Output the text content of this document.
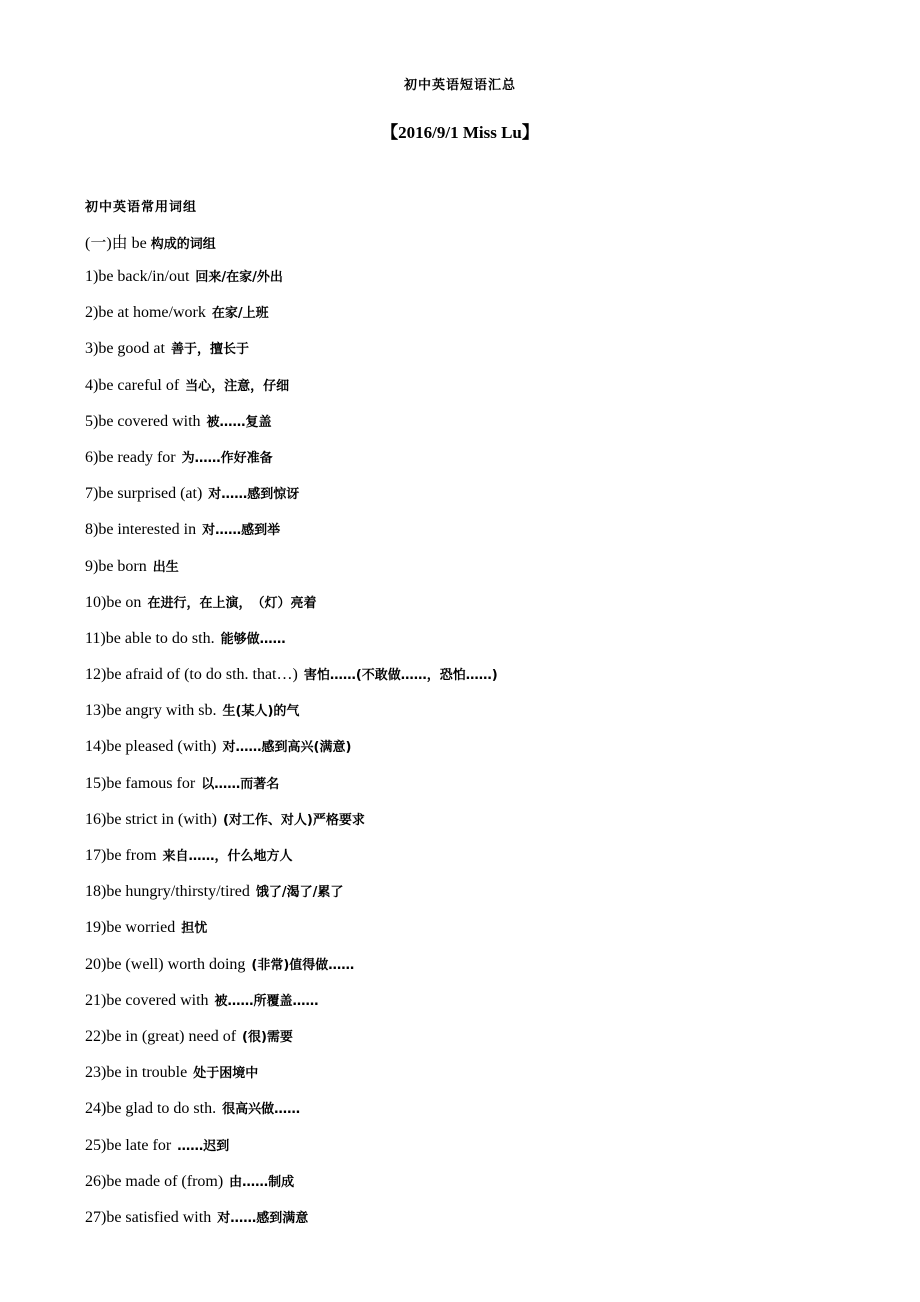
初中英语短语汇总
【2016/9/1 Miss Lu】
初中英语常用词组
(一)由 be 构成的词组
1)be back/in/out 回来/在家/外出
2)be at home/work 在家/上班
3)be good at 善于，擅长于
4)be careful of 当心，注意，仔细
5)be covered with 被……复盖
6)be ready for 为……作好准备
7)be surprised (at) 对……感到惊讶
8)be interested in 对……感到举
9)be born 出生
10)be on 在进行，在上演，　（灯）亮着
11)be able to do sth. 能够做……
12)be afraid of (to do sth. that…) 害怕……(不敢做……，恐怕……)
13)be angry with sb. 生(某人)的气
14)be pleased (with) 对……感到高兴(满意)
15)be famous for 以……而著名
16)be strict in (with) (对工作、对人)严格要求
17)be from 来自……，什么地方人
18)be hungry/thirsty/tired 饿了/渴了/累了
19)be worried 担忧
20)be (well) worth doing (非常)值得做……
21)be covered with 被……所覆盖……
22)be in (great) need of (很)需要
23)be in trouble 处于困境中
24)be glad to do sth. 很高兴做……
25)be late for ……迟到
26)be made of (from) 由……制成
27)be satisfied with 对……感到满意
